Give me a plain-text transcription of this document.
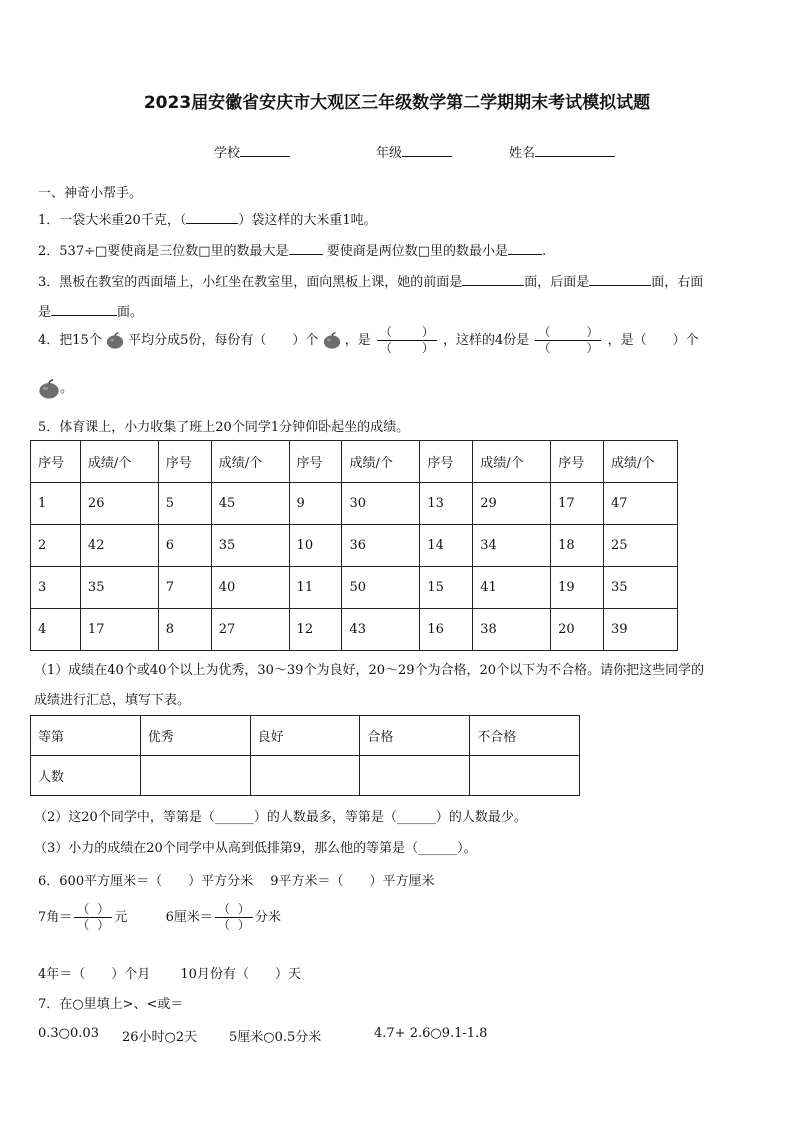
2023届安徽省安庆市大观区三年级数学第二学期期末考试模拟试题
学校	年级	姓名
一、神奇小帮手。
1．一袋大米重20千克，（	）袋这样的大米重1吨。
2．537÷□要使商是三位数□里的数最大是	要使商是两位数□里的数最小是	.
3．黑板在教室的西面墙上，小红坐在教室里，面向黑板上课，她的前面是	面，后面是	面，右面
是	面。
4．把15个 平均分成5份，每份有（　　）个 ，是 （	）
（	） ，这样的4份是 （	）
（	） ，是（　　）个
。
5．体育课上，小力收集了班上20个同学1分钟仰卧起坐的成绩。
序号	成绩/个	序号	成绩/个	序号	成绩/个	序号	成绩/个	序号	成绩/个
1	26	5	45	9	30	13	29	17	47
2	42	6	35	10	36	14	34	18	25
3	35	7	40	11	50	15	41	19	35
4	17	8	27	12	43	16	38	20	39
（1）成绩在40个或40个以上为优秀，30～39个为良好，20～29个为合格，20个以下为不合格。请你把这些同学的
成绩进行汇总，填写下表。
等第	优秀	良好	合格	不合格
人数				
（2）这20个同学中，等第是（______）的人数最多，等第是（______）的人数最少。
（3）小力的成绩在20个同学中从高到低排第9，那么他的等第是（______）。
6．600平方厘米＝（　　）平方分米　 9平方米＝（　　）平方厘米
7角＝ $\frac{( )}{( )}$ 元	6厘米＝ $\frac{( )}{( )}$ 分米
4年＝（　　）个月　　 10月份有（　　）天
7．在○里填上>、<或＝
0.3○0.03 26小时○2天 5厘米○0.5分米	4.7+ 2.6○9.1-1.8
